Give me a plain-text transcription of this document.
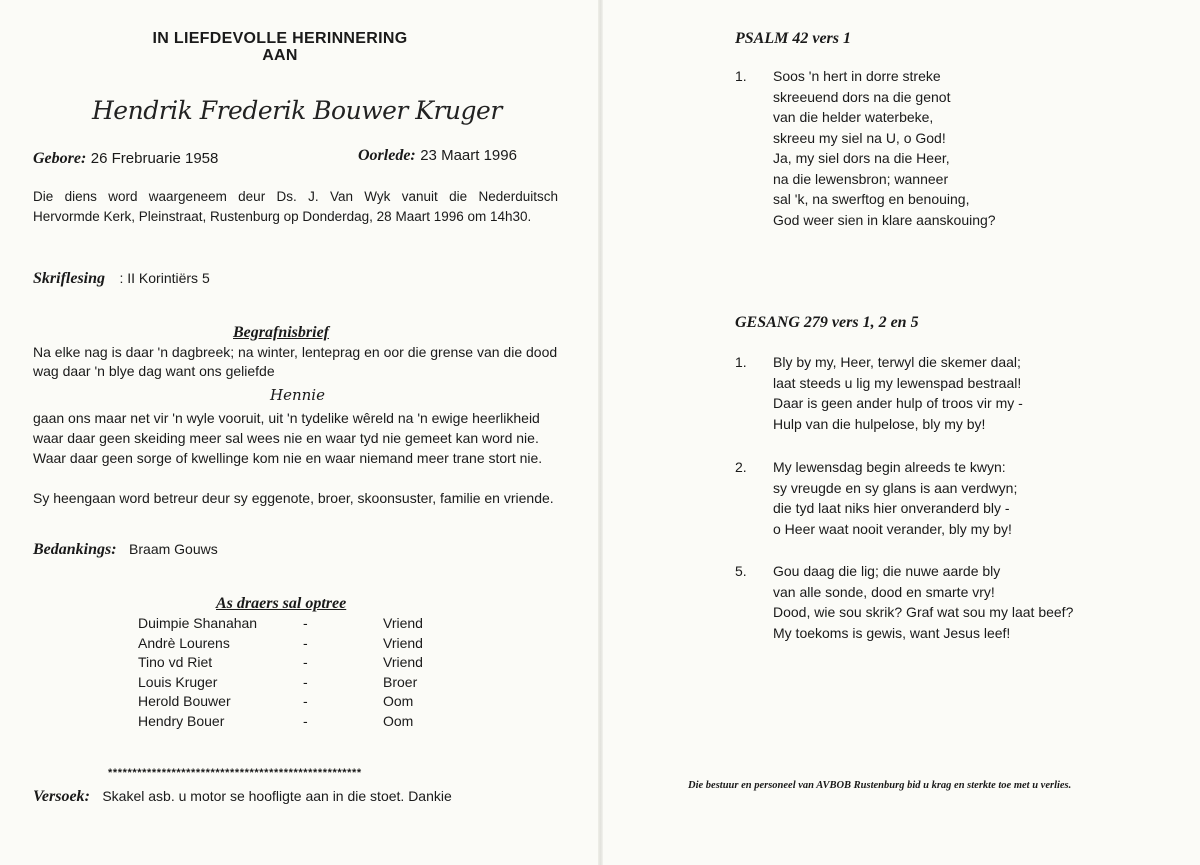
IN LIEFDEVOLLE HERINNERING
AAN
Hendrik Frederik Bouwer Kruger
Gebore: 26 Frebruarie 1958	Oorlede: 23 Maart 1996
Die diens word waargeneem deur Ds. J. Van Wyk vanuit die Nederduitsch
Hervormde Kerk, Pleinstraat, Rustenburg op Donderdag, 28 Maart 1996 om 14h30.
Skriflesing : II Korintiërs 5
Begrafnisbrief
Na elke nag is daar 'n dagbreek; na winter, lenteprag en oor die grense van die dood
wag daar 'n blye dag want ons geliefde
Hennie
gaan ons maar net vir 'n wyle vooruit, uit 'n tydelike wêreld na 'n ewige heerlikheid
waar daar geen skeiding meer sal wees nie en waar tyd nie gemeet kan word nie.
Waar daar geen sorge of kwellinge kom nie en waar niemand meer trane stort nie.
Sy heengaan word betreur deur sy eggenote, broer, skoonsuster, familie en vriende.
Bedankings: Braam Gouws
As draers sal optree
Duimpie Shanahan	-	Vriend
Andrè Lourens	-	Vriend
Tino vd Riet	-	Vriend
Louis Kruger	-	Broer
Herold Bouwer	-	Oom
Hendry Bouer	-	Oom
****************************************************
Versoek: Skakel asb. u motor se hoofligte aan in die stoet. Dankie
PSALM 42 vers 1
1. Soos 'n hert in dorre streke
skreeuend dors na die genot
van die helder waterbeke,
skreeu my siel na U, o God!
Ja, my siel dors na die Heer,
na die lewensbron; wanneer
sal 'k, na swerftog en benouing,
God weer sien in klare aanskouing?
GESANG 279 vers 1, 2 en 5
1. Bly by my, Heer, terwyl die skemer daal;
laat steeds u lig my lewenspad bestraal!
Daar is geen ander hulp of troos vir my -
Hulp van die hulpelose, bly my by!
2. My lewensdag begin alreeds te kwyn:
sy vreugde en sy glans is aan verdwyn;
die tyd laat niks hier onveranderd bly -
o Heer waat nooit verander, bly my by!
5. Gou daag die lig; die nuwe aarde bly
van alle sonde, dood en smarte vry!
Dood, wie sou skrik? Graf wat sou my laat beef?
My toekoms is gewis, want Jesus leef!
Die bestuur en personeel van AVBOB Rustenburg bid u krag en sterkte toe met u verlies.
